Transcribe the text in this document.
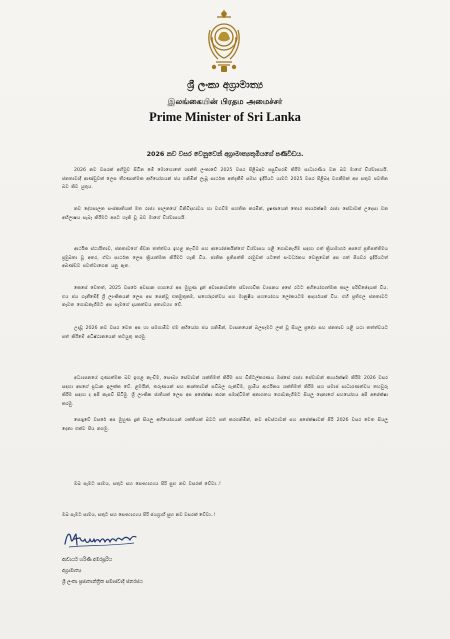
ශ්‍රී ලංකා අග්‍රාමාත්‍ය
இலங்கையின் பிரதம அமைச்சர்
Prime Minister of Sri Lanka
2026 නව වසර වෙනුවෙන් අග්‍රාමාත්‍යතුමියගේ පණිවිඩය.

2026 නව වසරක් අභිමුව සිටින මේ මොහොතේ ශාන්ති ලංකාවේ 2025 වසර පිළිබඳව පසුවිපරම් කිරීම සාධාරණීය වන බව මාගේ විශ්වාසයයි. ජනතාවාදී ආණ්ඩුවක් ලෙස තීරණාත්මක අභියෝගයන් ජය ගනිමින් ලැබූ සාර්ථක අත්දැකීම් සමඟ ඉදිරියට යාමට 2025 වසර පිළිබඳ වගකීමක් අප සතුව පවතින බව කිව යුතුය.

නව දේශපාලන සංස්කෘතියක් මත රාජ්‍ය පාලනයේ විනිවිදභාවය හා වගවීම සහතික කරමින්, දූෂණයෙන් තොර කාර්යක්ෂම රාජ්‍ය සේවාවක් උදෙසා වන අභිලාෂය සැබෑ කිරීමට අපට හැකි වූ බව මාගේ විශ්වාසයයි.

ආර්ථික ස්ථායිතාව, ජනතාවගේ ජීවන තත්ත්වය ඉහළ නැංවීම සහ ආයෝජකයින්ගේ විශ්වාසය යළි ගොඩනැගීම සඳහා ගත් ක්‍රියාමාර්ග අපගේ ප්‍රතිපත්තිමය ප්‍රමුඛතා වූ අතර, ඒවා සාර්ථක ලෙස ක්‍රියාත්මක කිරීමට හැකි විය. ජාතික ප්‍රතිපත්ති රාමුවක් යටතේ සංවර්ධනය වෙනුවෙන් අප ගත් පියවර ඉදිරියටත් අඛණ්ඩව පවත්වාගෙන යනු ඇත.

කෙසේ වෙතත්, 2025 වසරේ අවසාන භාගයේ අප මුහුණ දුන් අවාසනාවන්ත ස්වාභාවික ව්‍යසනය අපේ රටට අභියෝගාත්මක කාල පරිච්ඡේදයක් විය. එය ජය ගැනීමේදී ශ්‍රී ලාංකිකයන් ලෙස අප පෙන්වූ එකමුතුකම, සහෝදරත්වය සහ මානුෂීය සහයෝගය ලෝකයටම ආදර්ශයක් විය. එහි ප්‍රතිඵල ජනතාවට නැවත ගොඩනැගීමට අප සැමගේ දායකත්වය අත්‍යවශ්‍ය වේ.

උදාවූ 2026 නව වසර වෙත අප හා සමගාමීව එම අභියෝග ජය ගනිමින්, ව්‍යසනයෙන් බලපෑමට ලක් වූ සියලු ප්‍රදේශ සහ ජනතාව යළි යථා තත්ත්වයට පත් කිරීමේ අධිෂ්ඨානයෙන් කටයුතු කරමු.

අධ්‍යාපනයේ ගුණාත්මක බව ඉහළ නැංවීම, සෞඛ්‍ය සේවාවන් ශක්තිමත් කිරීම සහ ඩිජිටල්කරණය ඔස්සේ රාජ්‍ය සේවාවන් කාර්යක්ෂම කිරීම 2026 වසර සඳහා අපගේ ප්‍රධාන ඉලක්ක වේ. ළමයින්, තරුණයන් සහ කාන්තාවන් සවිබල ගැන්වීම, ග්‍රාමීය ආර්ථිකය ශක්තිමත් කිරීම සහ සමාජ සාධාරණත්වය තහවුරු කිරීම සඳහා ද අපි කැපවී සිටිමු. ශ්‍රී ලාංකික ජාතියක් ලෙස අප අපේක්ෂා කරන සමෘද්ධිමත් අනාගතය ගොඩනැගීමට සියලු දෙනාගේ සහයෝගය අපි අපේක්ෂා කරමු.

පොදුවේ වසරේ අප මුහුණ දුන් සියලු අභියෝගයන් ශක්තියක් බවට පත් කරගනිමින්, නව අවස්ථාවන් සහ අපේක්ෂාවන් පිරි 2026 වසර වෙත සියලු දෙනා එක්ව පිය නගමු.

ඔබ සැමට සාමය, සතුට සහ සෞභාග්‍යය පිරි සුභ නව වසරක් වේවා..!

ඔබ සැමට සාමය, සතුට සහ සෞභාග්‍යය පිරි ජයග්‍රාහී සුභ නව වසරක් වේවා..!

ආචාර්ය හරිණි අමරසූරිය
අග්‍රාමාත්‍ය
ශ්‍රී ලංකා ප්‍රජාතාන්ත්‍රික සමාජවාදී ජනරජය
